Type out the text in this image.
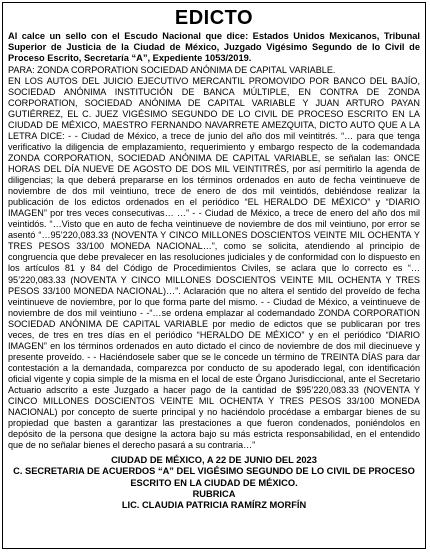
EDICTO

Al calce un sello con el Escudo Nacional que dice: Estados Unidos Mexicanos, Tribunal Superior de Justicia de la Ciudad de México, Juzgado Vigésimo Segundo de lo Civil de Proceso Escrito, Secretaría “A”, Expediente 1053/2019.

PARA: ZONDA CORPORATION SOCIEDAD ANÓNIMA DE CAPITAL VARIABLE.

EN LOS AUTOS DEL JUICIO EJECUTIVO MERCANTIL PROMOVIDO POR BANCO DEL BAJÍO, SOCIEDAD ANÓNIMA INSTITUCIÓN DE BANCA MÚLTIPLE, EN CONTRA DE ZONDA CORPORATION, SOCIEDAD ANÓNIMA DE CAPITAL VARIABLE Y JUAN ARTURO PAYAN GUTIÉRREZ, EL C. JUEZ VIGÉSIMO SEGUNDO DE LO CIVIL DE PROCESO ESCRITO EN LA CIUDAD DE MÉXICO, MAESTRO FERNANDO NAVARRETE AMEZQUITA, DICTO AUTO QUE A LA LETRA DICE: - - Ciudad de México, a trece de junio del año dos mil veintitrés. “… para que tenga verificativo la diligencia de emplazamiento, requerimiento y embargo respecto de la codemandada ZONDA CORPORATION, SOCIEDAD ANÓNIMA DE CAPITAL VARIABLE, se señalan las: ONCE HORAS DEL DÍA NUEVE DE AGOSTO DE DOS MIL VEINTITRÉS, por así permitirlo la agenda de diligencias; la que deberá prepararse en los términos ordenados en auto de fecha veintinueve de noviembre de dos mil veintiuno, trece de enero de dos mil veintidós, debiéndose realizar la publicación de los edictos ordenados en el periódico “EL HERALDO DE MÉXICO” y “DIARIO IMAGEN” por tres veces consecutivas… …” - - Ciudad de México, a trece de enero del año dos mil veintidós. “…Visto que en auto de fecha veintinueve de noviembre de dos mil veintiuno, por error se asentó “…95’220,083.33 (NOVENTA Y CINCO MILLONES DOSCIENTOS VEINTE MIL OCHENTA Y TRES PESOS 33/100 MONEDA NACIONAL…”, como se solicita, atendiendo al principio de congruencia que debe prevalecer en las resoluciones judiciales y de conformidad con lo dispuesto en los artículos 81 y 84 del Código de Procedimientos Civiles, se aclara que lo correcto es “…95’220,083.33 (NOVENTA Y CINCO MILLONES DOSCIENTOS VEINTE MIL OCHENTA Y TRES PESOS 33/100 MONEDA NACIONAL)…”. Aclaración que no altera el sentido del proveído de fecha veintinueve de noviembre, por lo que forma parte del mismo. - - Ciudad de México, a veintinueve de noviembre de dos mil veintiuno - -“…se ordena emplazar al codemandado ZONDA CORPORATION SOCIEDAD ANÓNIMA DE CAPITAL VARIABLE por medio de edictos que se publicaran por tres veces, de tres en tres días en el periódico “HERALDO DE MÉXICO” y en el periódico “DIARIO IMAGEN” en los términos ordenados en auto dictado el cinco de noviembre de dos mil diecinueve y presente proveído. - - Haciéndosele saber que se le concede un término de TREINTA DÍAS para dar contestación a la demandada, comparezca por conducto de su apoderado legal, con identificación oficial vigente y copia simple de la misma en el local de este Órgano Jurisdiccional, ante el Secretario Actuario adscrito a este Juzgado a hacer pago de la cantidad de $95’220,083.33 (NOVENTA Y CINCO MILLONES DOSCIENTOS VEINTE MIL OCHENTA Y TRES PESOS 33/100 MONEDA NACIONAL) por concepto de suerte principal y no haciéndolo procédase a embargar bienes de su propiedad que basten a garantizar las prestaciones a que fueron condenados, poniéndolos en depósito de la persona que designe la actora bajo su más estricta responsabilidad, en el entendido que de no señalar bienes el derecho pasará a su contraria…”

CIUDAD DE MÉXICO, A 22 DE JUNIO DEL 2023
C. SECRETARIA DE ACUERDOS “A” DEL VIGÉSIMO SEGUNDO DE LO CIVIL DE PROCESO ESCRITO EN LA CIUDAD DE MÉXICO.
RUBRICA
LIC. CLAUDIA PATRICIA RAMÍRZ MORFÍN
